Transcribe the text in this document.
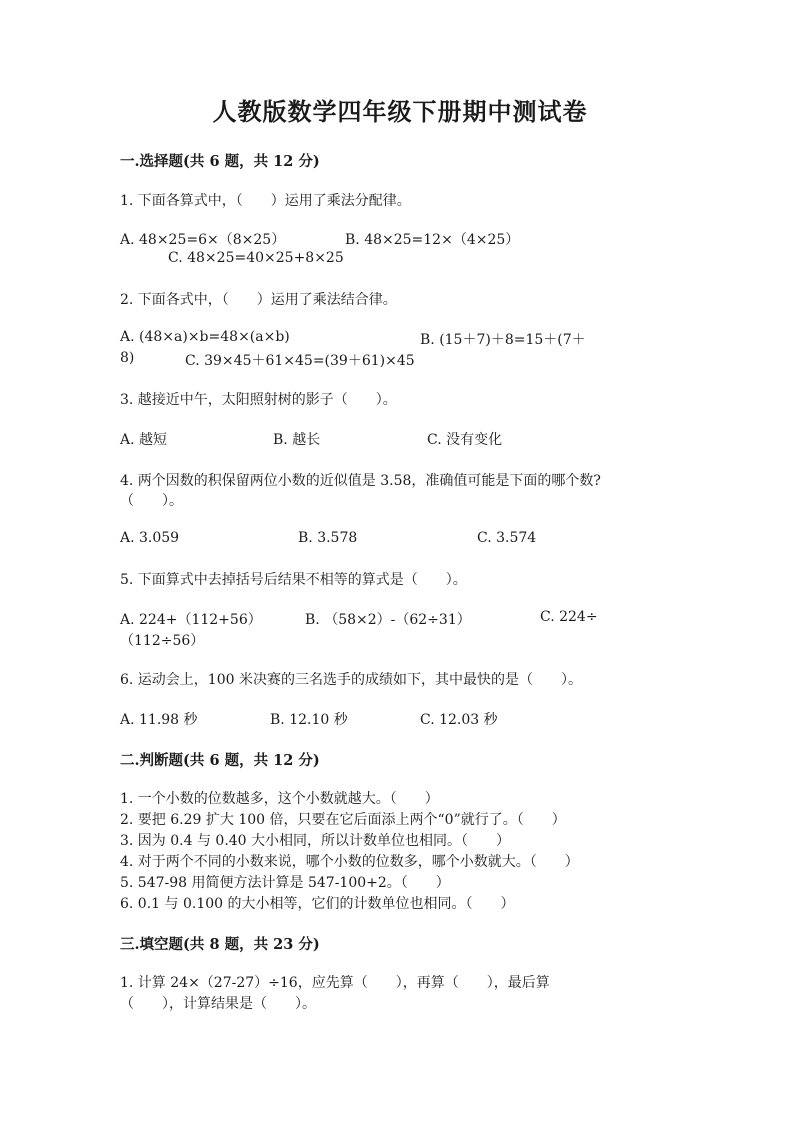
人教版数学四年级下册期中测试卷
一.选择题(共 6 题，共 12 分)
1. 下面各算式中，（　　）运用了乘法分配律。
A. 48×25=6×（8×25）	B. 48×25=12×（4×25）
C. 48×25=40×25+8×25
2. 下面各式中，（　　）运用了乘法结合律。
A. (48×a)×b=48×(a×b)	B. (15＋7)＋8=15＋(7＋
8)	C. 39×45＋61×45=(39＋61)×45
3. 越接近中午，太阳照射树的影子（　　）。
A. 越短	B. 越长	C. 没有变化
4. 两个因数的积保留两位小数的近似值是 3.58，准确值可能是下面的哪个数?
（　　）。
A. 3.059	B. 3.578	C. 3.574
5. 下面算式中去掉括号后结果不相等的算式是（　　）。
A. 224+（112+56）	B. （58×2）-（62÷31）	C. 224÷
（112÷56）
6. 运动会上，100 米决赛的三名选手的成绩如下，其中最快的是（　　）。
A. 11.98 秒	B. 12.10 秒	C. 12.03 秒
二.判断题(共 6 题，共 12 分)
1. 一个小数的位数越多，这个小数就越大。（　　）
2. 要把 6.29 扩大 100 倍，只要在它后面添上两个“0”就行了。（　　）
3. 因为 0.4 与 0.40 大小相同，所以计数单位也相同。（　　）
4. 对于两个不同的小数来说，哪个小数的位数多，哪个小数就大。（　　）
5. 547-98 用简便方法计算是 547-100+2。（　　）
6. 0.1 与 0.100 的大小相等，它们的计数单位也相同。（　　）
三.填空题(共 8 题，共 23 分)
1. 计算 24×（27-27）÷16，应先算（　　），再算（　　），最后算
（　　），计算结果是（　　）。
